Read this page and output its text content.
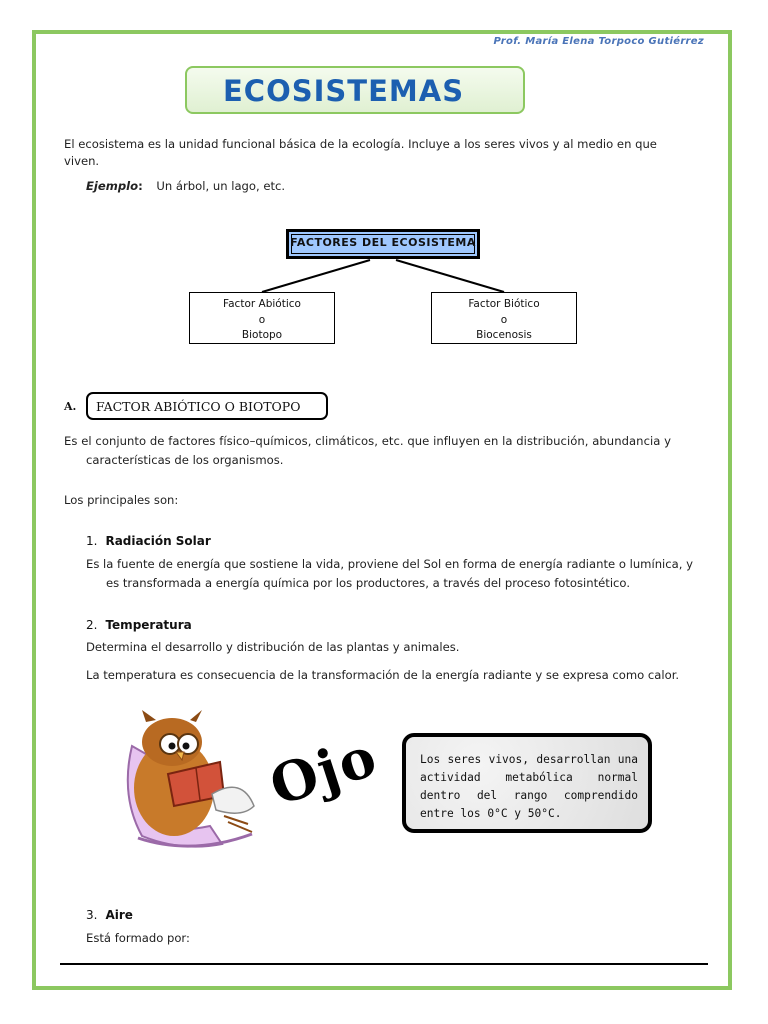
Prof. María Elena Torpoco Gutiérrez
ECOSISTEMAS
El ecosistema es la unidad funcional básica de la ecología. Incluye a los seres vivos y al medio en que
viven.
Ejemplo: Un árbol, un lago, etc.
FACTORES DEL ECOSISTEMA
Factor Abiótico
o
Biotopo
Factor Biótico
o
Biocenosis
A. FACTOR ABIÓTICO O BIOTOPO
Es el conjunto de factores físico–químicos, climáticos, etc. que influyen en la distribución, abundancia y
características de los organismos.
Los principales son:
1. Radiación Solar
Es la fuente de energía que sostiene la vida, proviene del Sol en forma de energía radiante o lumínica, y
es transformada a energía química por los productores, a través del proceso fotosintético.
2. Temperatura
Determina el desarrollo y distribución de las plantas y animales.
La temperatura es consecuencia de la transformación de la energía radiante y se expresa como calor.
Ojo	Los seres vivos, desarrollan una actividad metabólica normal dentro del rango comprendido entre los 0°C y 50°C.
3. Aire
Está formado por:
